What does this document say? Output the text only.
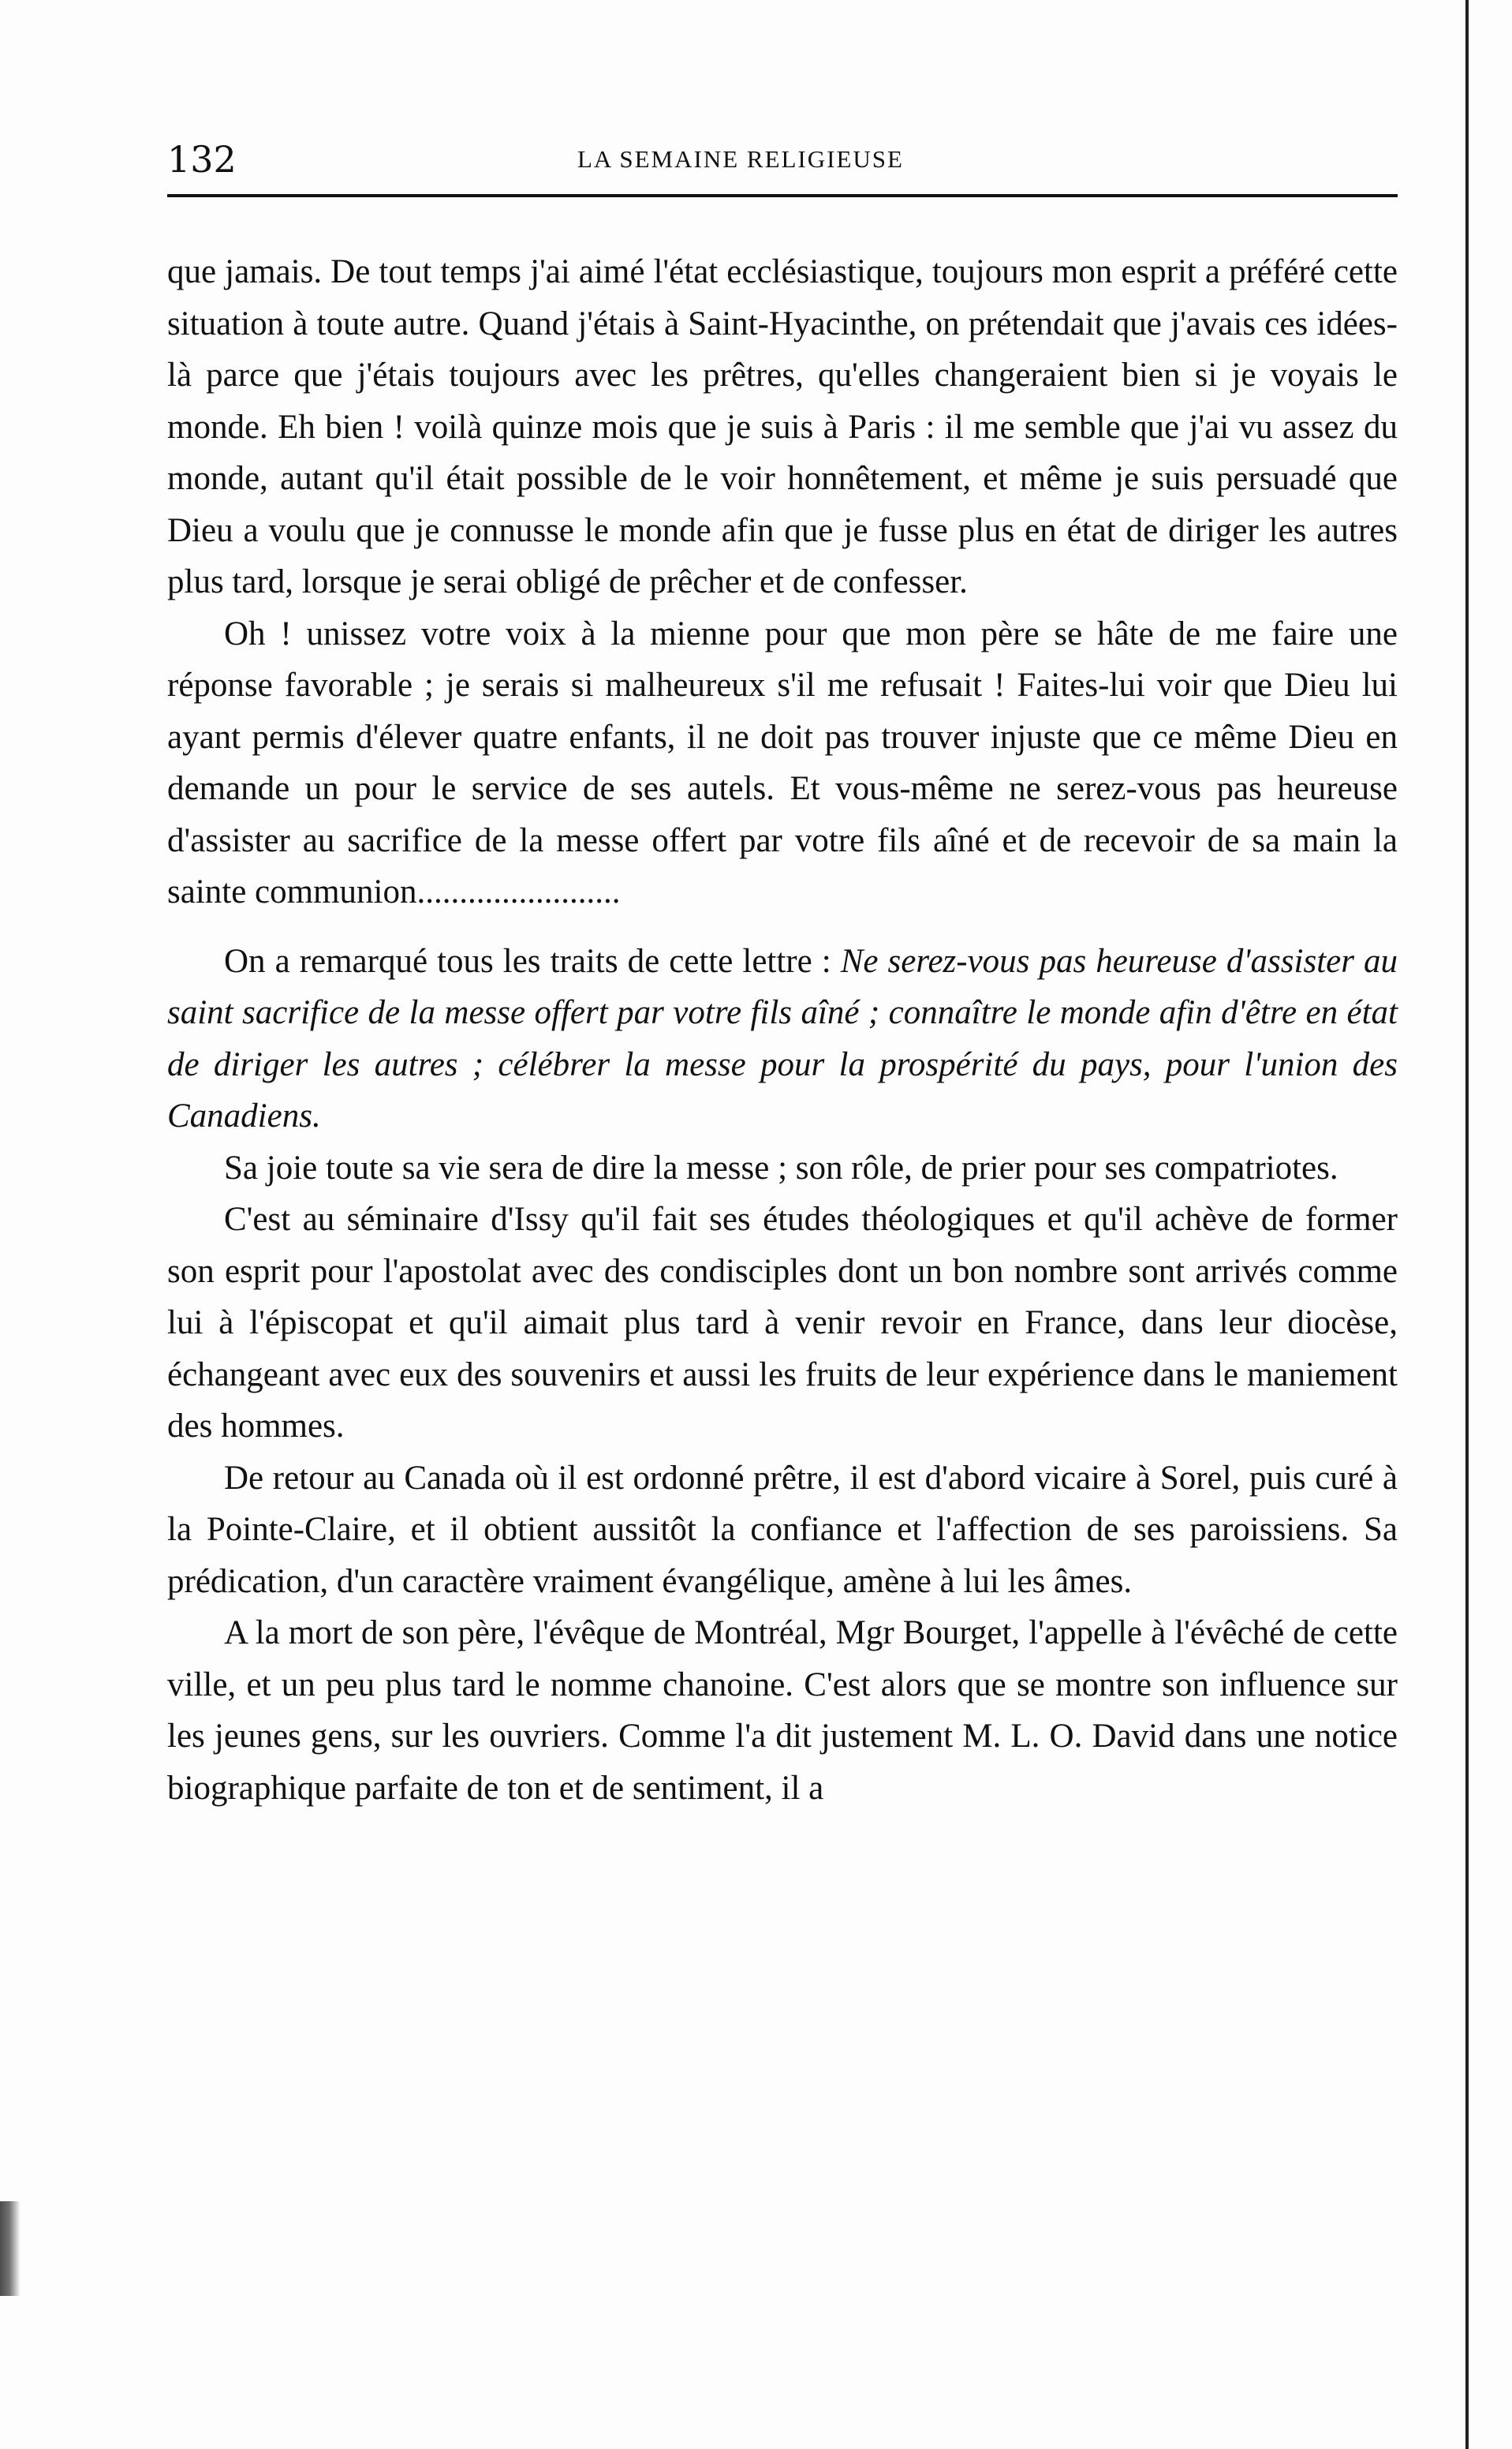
132	LA SEMAINE RELIGIEUSE

que jamais. De tout temps j'ai aimé l'état ecclésiastique, toujours mon esprit a préféré cette situation à toute autre. Quand j'étais à Saint-Hyacinthe, on prétendait que j'avais ces idées-là parce que j'étais toujours avec les prêtres, qu'elles changeraient bien si je voyais le monde. Eh bien ! voilà quinze mois que je suis à Paris : il me semble que j'ai vu assez du monde, autant qu'il était possible de le voir honnêtement, et même je suis persuadé que Dieu a voulu que je connusse le monde afin que je fusse plus en état de diriger les autres plus tard, lorsque je serai obligé de prêcher et de confesser.

Oh ! unissez votre voix à la mienne pour que mon père se hâte de me faire une réponse favorable ; je serais si malheureux s'il me refusait ! Faites-lui voir que Dieu lui ayant permis d'élever quatre enfants, il ne doit pas trouver injuste que ce même Dieu en demande un pour le service de ses autels. Et vous-même ne serez-vous pas heureuse d'assister au sacrifice de la messe offert par votre fils aîné et de recevoir de sa main la sainte communion........................

On a remarqué tous les traits de cette lettre : Ne serez-vous pas heureuse d'assister au saint sacrifice de la messe offert par votre fils aîné ; connaître le monde afin d'être en état de diriger les autres ; célébrer la messe pour la prospérité du pays, pour l'union des Canadiens.

Sa joie toute sa vie sera de dire la messe ; son rôle, de prier pour ses compatriotes.

C'est au séminaire d'Issy qu'il fait ses études théologiques et qu'il achève de former son esprit pour l'apostolat avec des condisciples dont un bon nombre sont arrivés comme lui à l'épiscopat et qu'il aimait plus tard à venir revoir en France, dans leur diocèse, échangeant avec eux des souvenirs et aussi les fruits de leur expérience dans le maniement des hommes.

De retour au Canada où il est ordonné prêtre, il est d'abord vicaire à Sorel, puis curé à la Pointe-Claire, et il obtient aussitôt la confiance et l'affection de ses paroissiens. Sa prédication, d'un caractère vraiment évangélique, amène à lui les âmes.

A la mort de son père, l'évêque de Montréal, Mgr Bourget, l'appelle à l'évêché de cette ville, et un peu plus tard le nomme chanoine. C'est alors que se montre son influence sur les jeunes gens, sur les ouvriers. Comme l'a dit justement M. L. O. David dans une notice biographique parfaite de ton et de sentiment, il a
